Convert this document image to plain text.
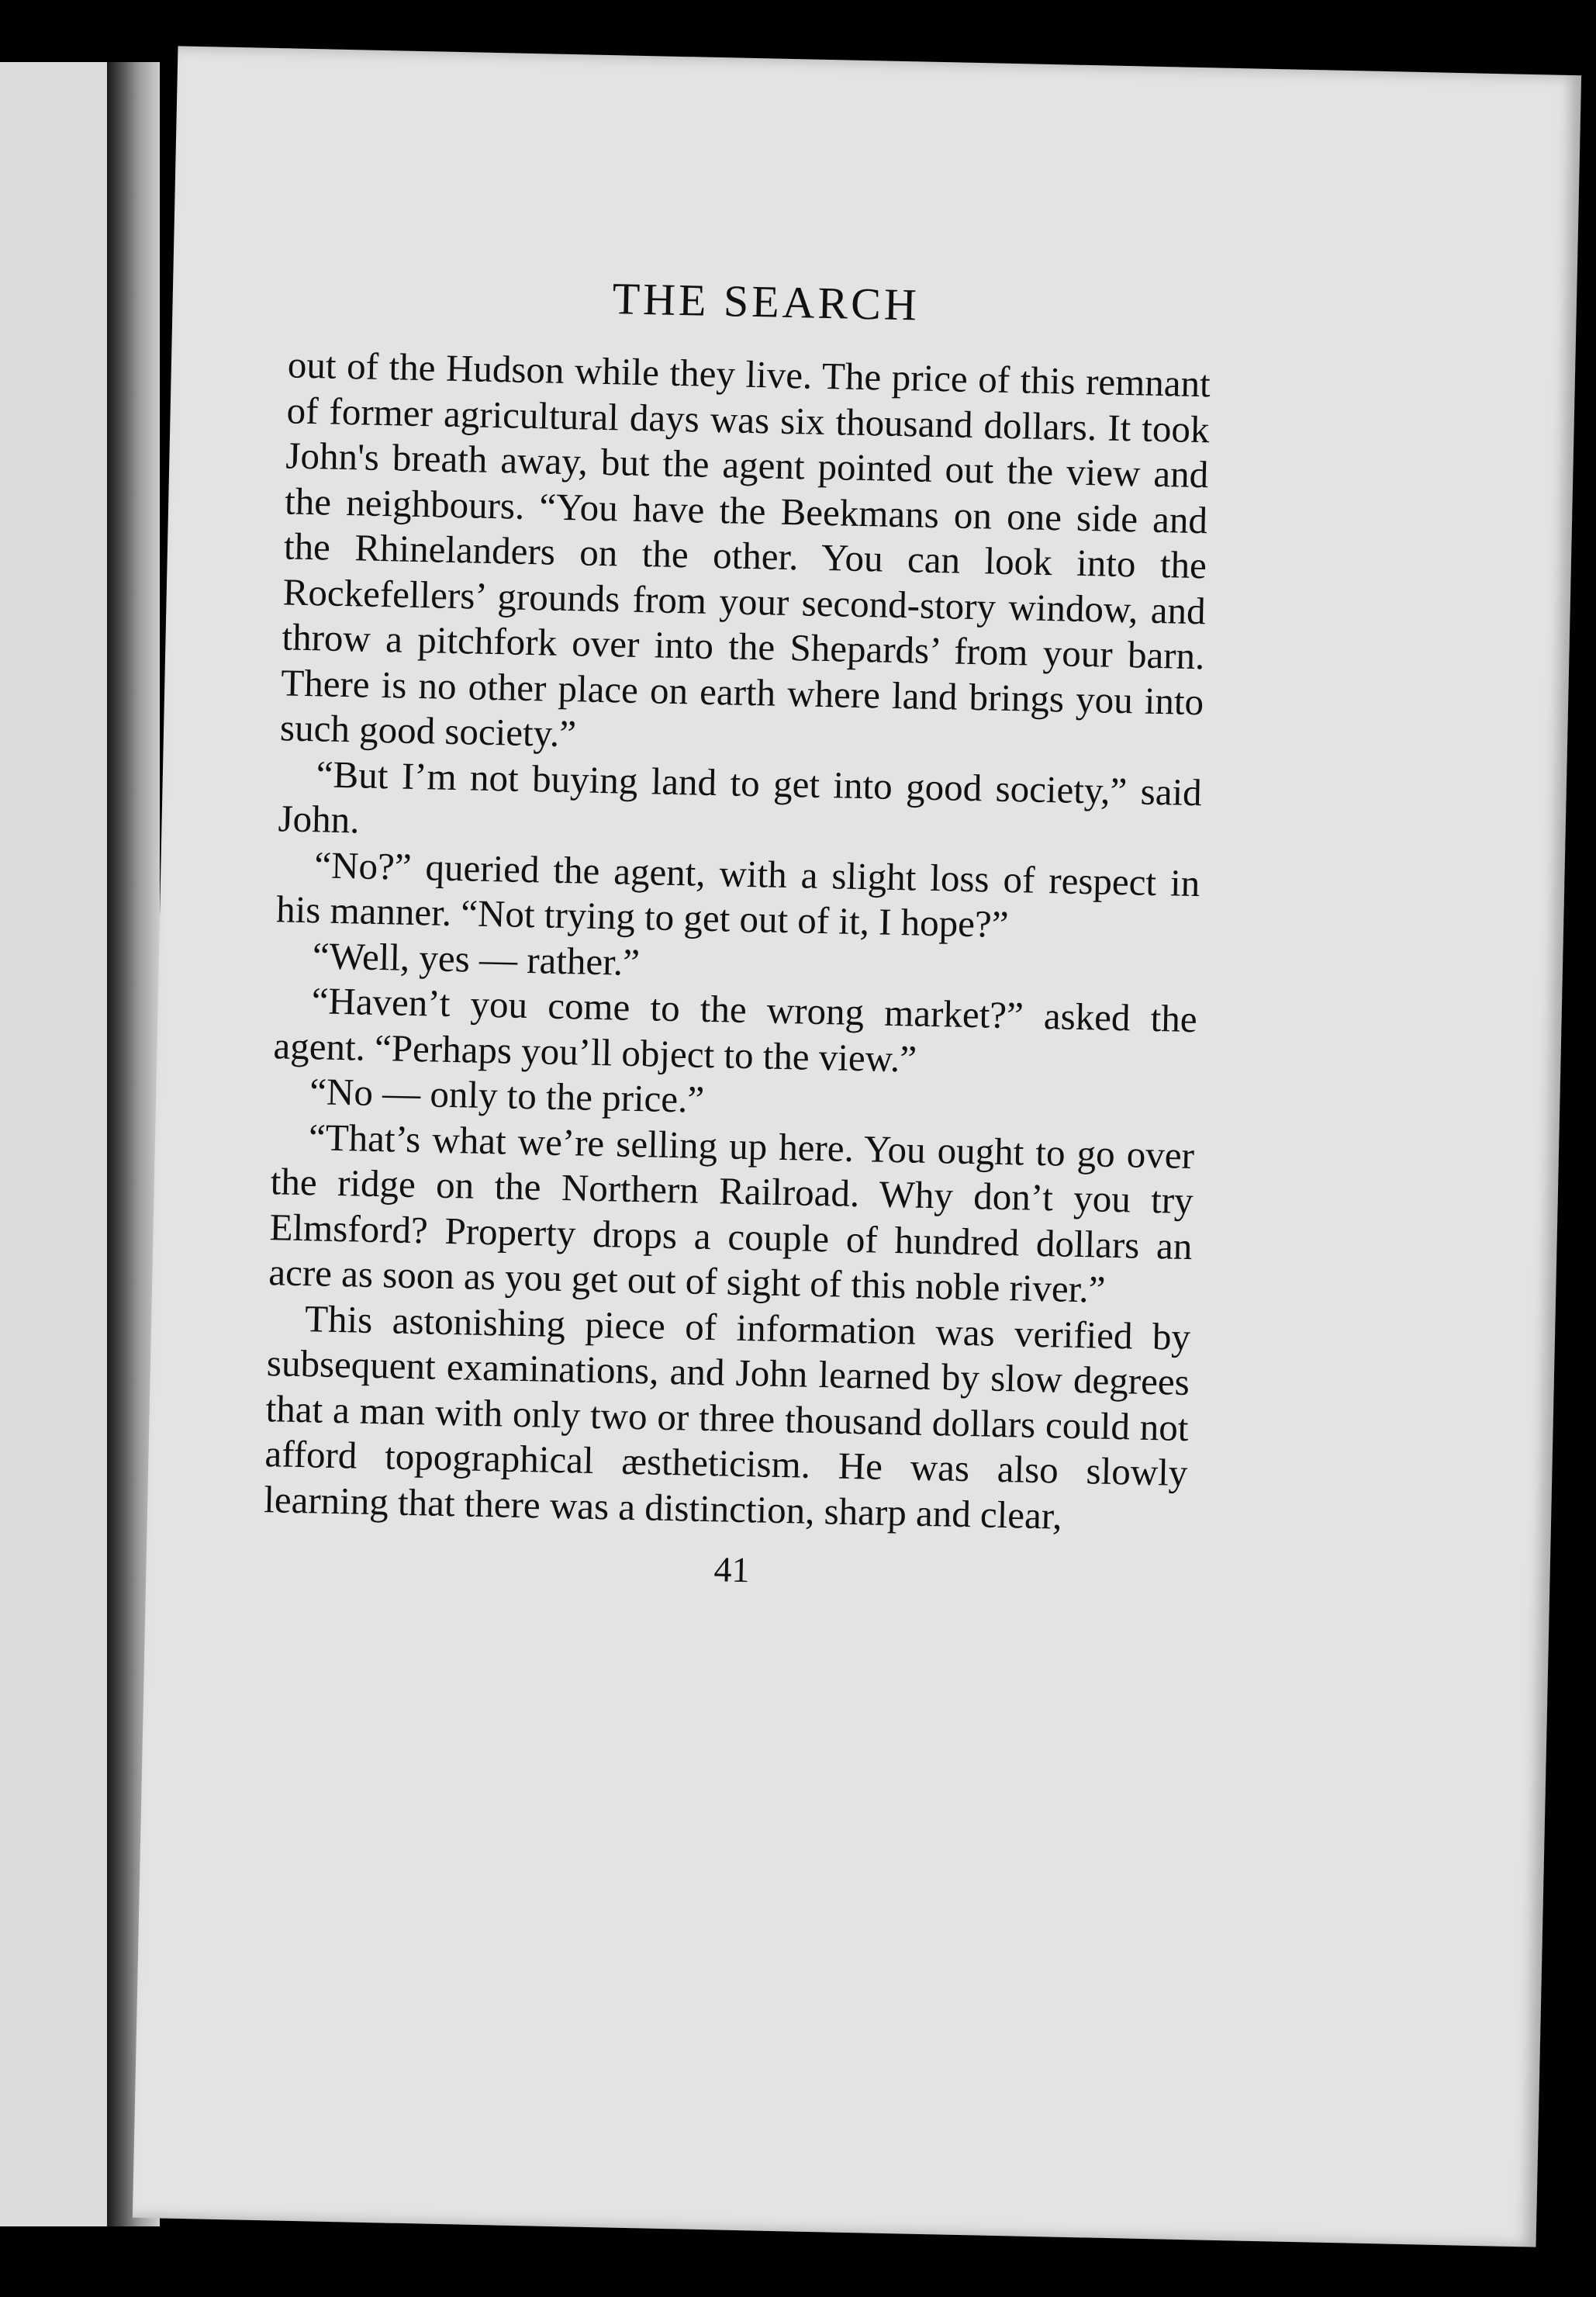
THE SEARCH

out of the Hudson while they live. The price of this remnant of former agricultural days was six thousand dollars. It took John's breath away, but the agent pointed out the view and the neighbours. “You have the Beekmans on one side and the Rhinelanders on the other. You can look into the Rockefellers’ grounds from your second-story window, and throw a pitchfork over into the Shepards’ from your barn. There is no other place on earth where land brings you into such good society.”

“But I’m not buying land to get into good society,” said John.

“No?” queried the agent, with a slight loss of respect in his manner. “Not trying to get out of it, I hope?”

“Well, yes — rather.”

“Haven’t you come to the wrong market?” asked the agent. “Perhaps you’ll object to the view.”

“No — only to the price.”

“That’s what we’re selling up here. You ought to go over the ridge on the Northern Railroad. Why don’t you try Elmsford? Property drops a couple of hundred dollars an acre as soon as you get out of sight of this noble river.”

This astonishing piece of information was verified by subsequent examinations, and John learned by slow degrees that a man with only two or three thousand dollars could not afford topographical æstheticism. He was also slowly learning that there was a distinction, sharp and clear,

41
